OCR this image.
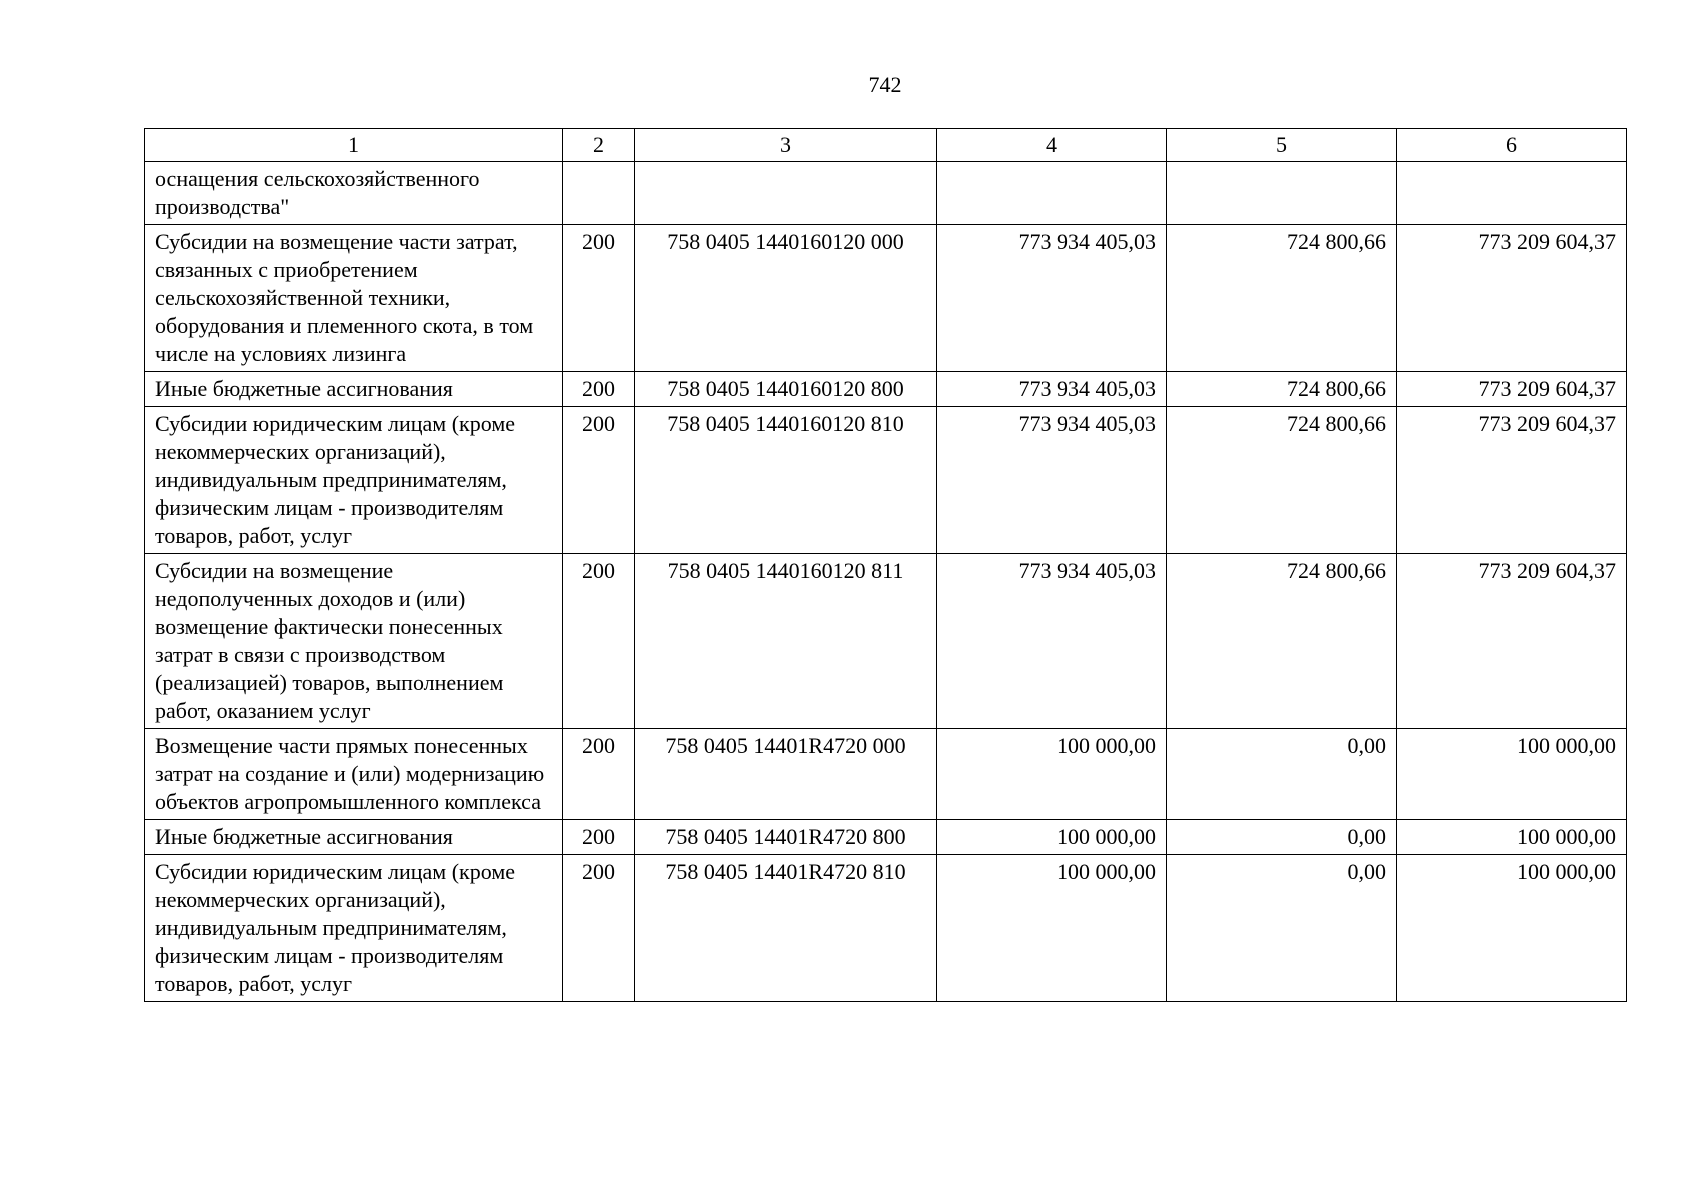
742
1	2	3	4	5	6
оснащения сельскохозяйственного производства"					
Субсидии на возмещение части затрат, связанных с приобретением сельскохозяйственной техники, оборудования и племенного скота, в том числе на условиях лизинга	200	758 0405 1440160120 000	773 934 405,03	724 800,66	773 209 604,37
Иные бюджетные ассигнования	200	758 0405 1440160120 800	773 934 405,03	724 800,66	773 209 604,37
Субсидии юридическим лицам (кроме некоммерческих организаций), индивидуальным предпринимателям, физическим лицам - производителям товаров, работ, услуг	200	758 0405 1440160120 810	773 934 405,03	724 800,66	773 209 604,37
Субсидии на возмещение недополученных доходов и (или) возмещение фактически понесенных затрат в связи с производством (реализацией) товаров, выполнением работ, оказанием услуг	200	758 0405 1440160120 811	773 934 405,03	724 800,66	773 209 604,37
Возмещение части прямых понесенных затрат на создание и (или) модернизацию объектов агропромышленного комплекса	200	758 0405 14401R4720 000	100 000,00	0,00	100 000,00
Иные бюджетные ассигнования	200	758 0405 14401R4720 800	100 000,00	0,00	100 000,00
Субсидии юридическим лицам (кроме некоммерческих организаций), индивидуальным предпринимателям, физическим лицам - производителям товаров, работ, услуг	200	758 0405 14401R4720 810	100 000,00	0,00	100 000,00
